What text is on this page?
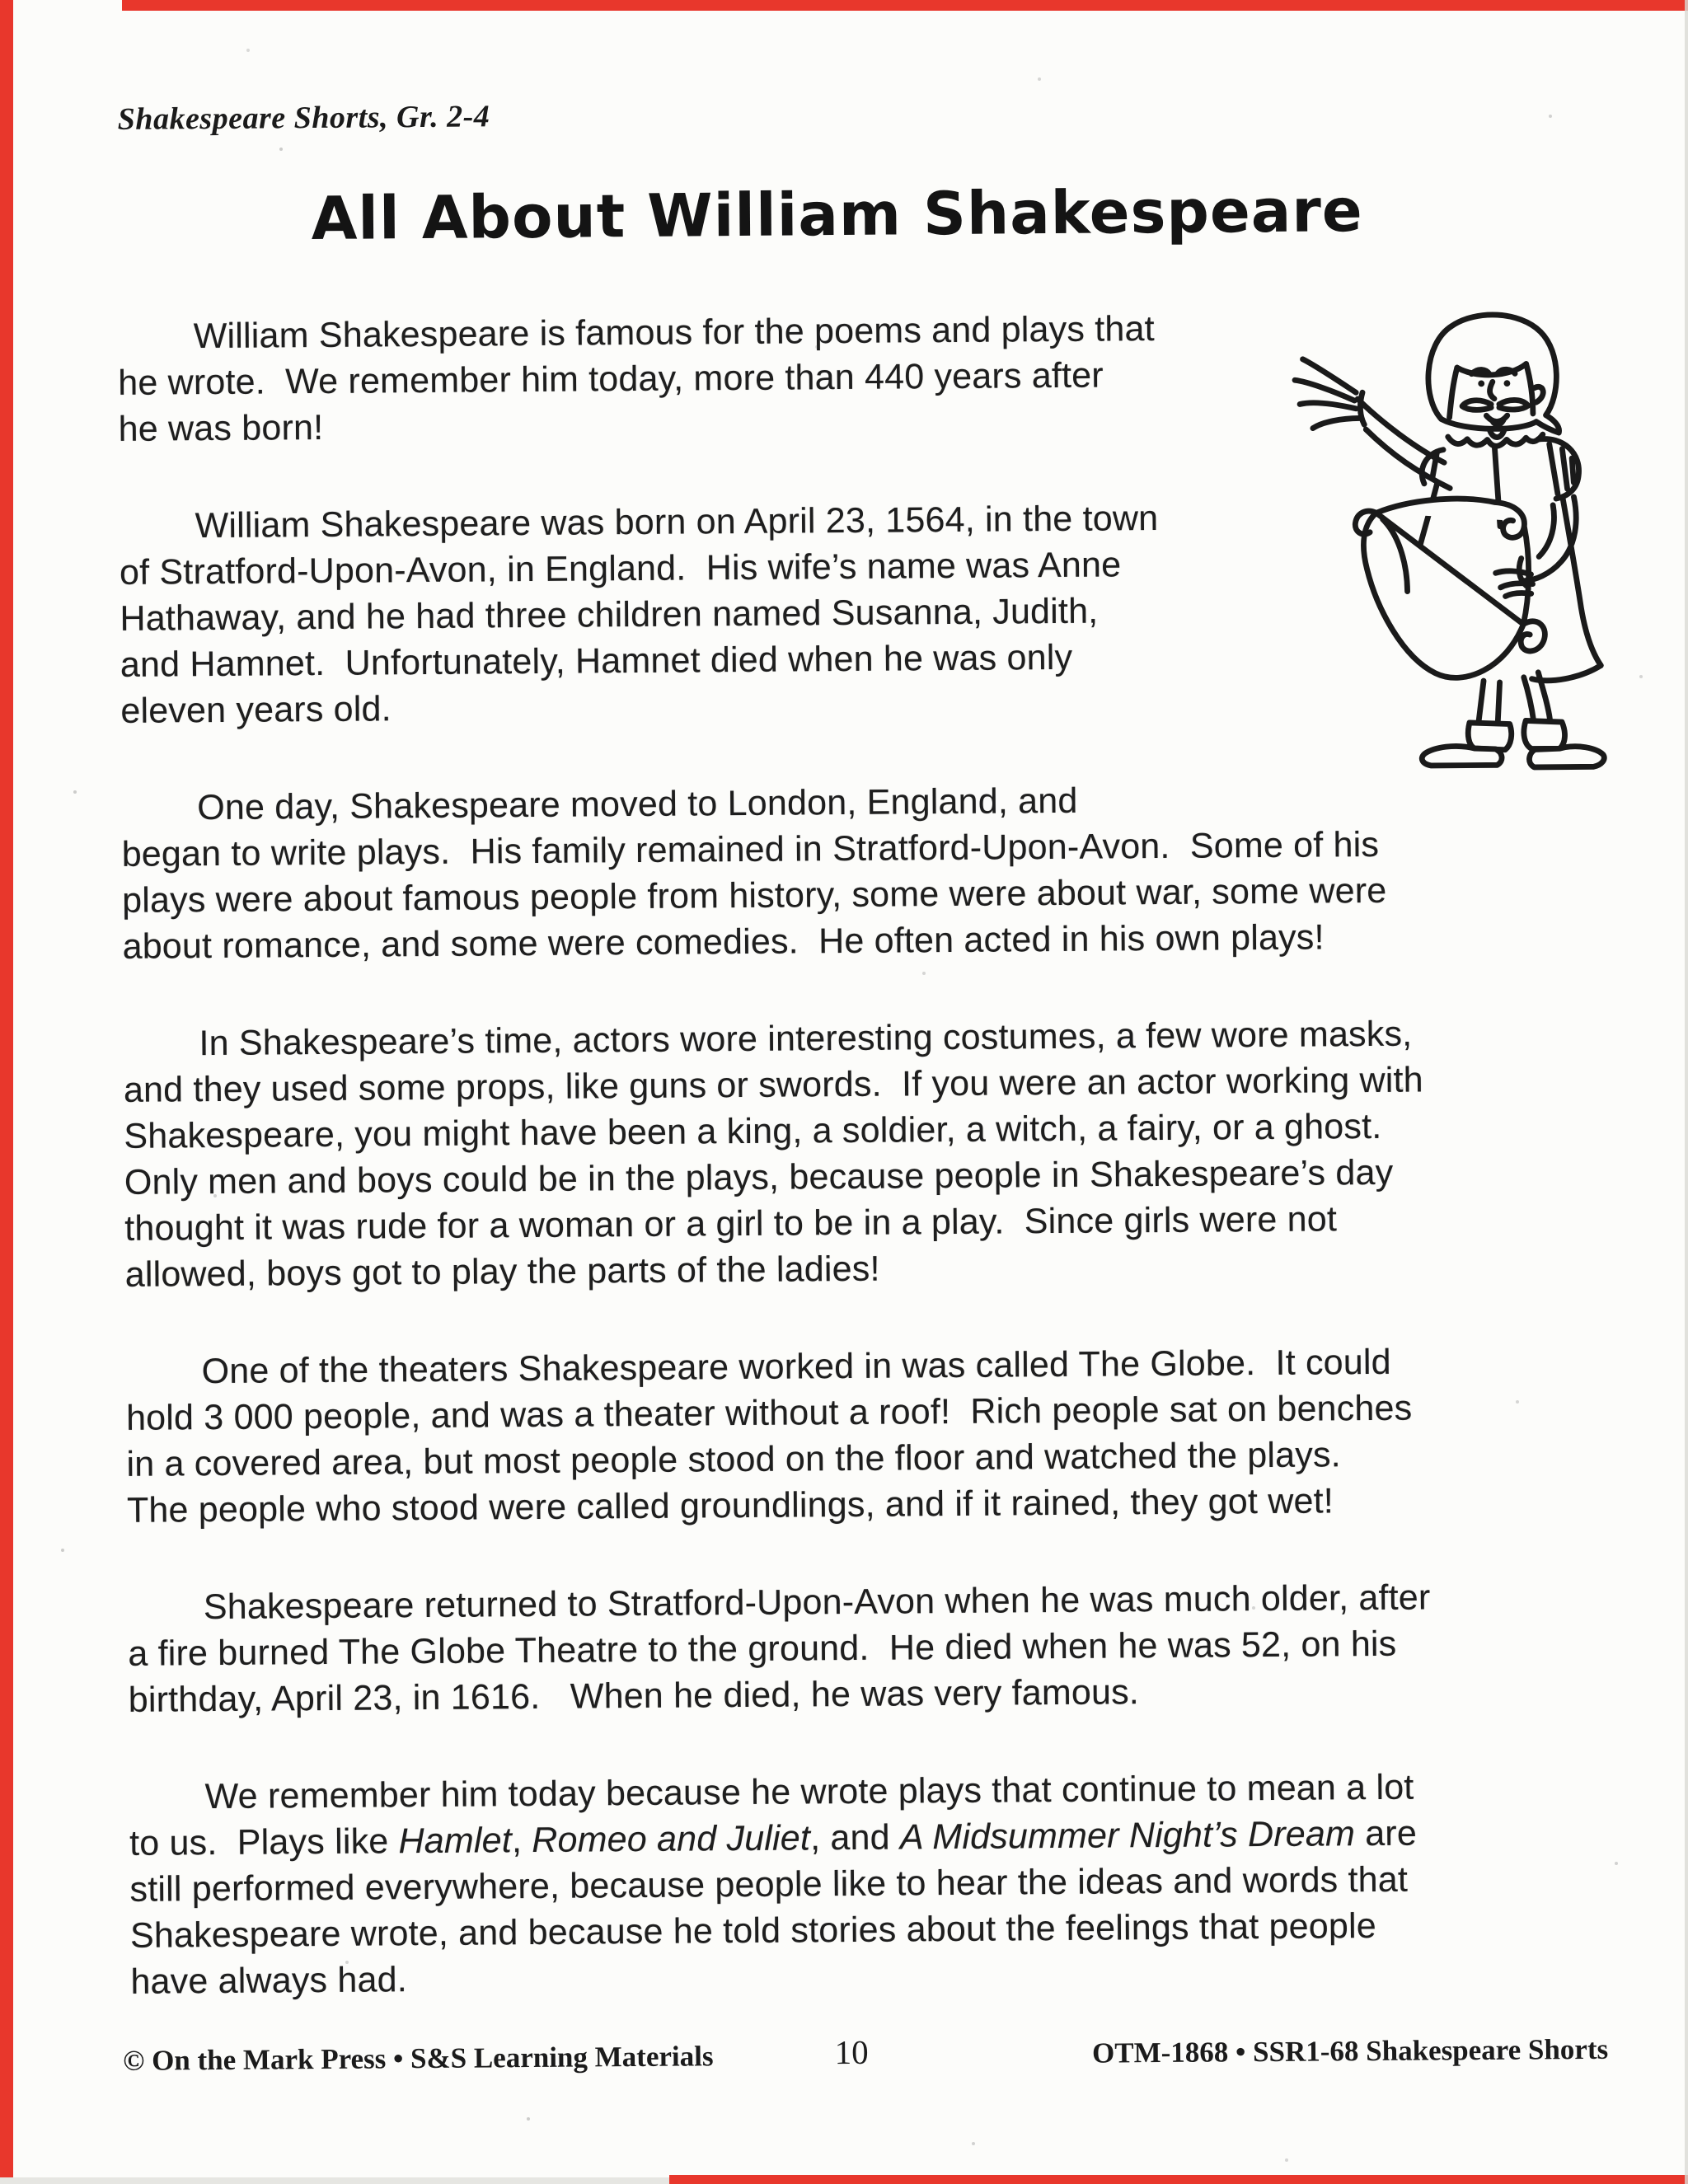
Shakespeare Shorts, Gr. 2-4
All About William Shakespeare
William Shakespeare is famous for the poems and plays that
he wrote.  We remember him today, more than 440 years after
he was born!
William Shakespeare was born on April 23, 1564, in the town
of Stratford-Upon-Avon, in England.  His wife’s name was Anne
Hathaway, and he had three children named Susanna, Judith,
and Hamnet.  Unfortunately, Hamnet died when he was only
eleven years old.
One day, Shakespeare moved to London, England, and
began to write plays.  His family remained in Stratford-Upon-Avon.  Some of his
plays were about famous people from history, some were about war, some were
about romance, and some were comedies.  He often acted in his own plays!
In Shakespeare’s time, actors wore interesting costumes, a few wore masks,
and they used some props, like guns or swords.  If you were an actor working with
Shakespeare, you might have been a king, a soldier, a witch, a fairy, or a ghost.
Only men and boys could be in the plays, because people in Shakespeare’s day
thought it was rude for a woman or a girl to be in a play.  Since girls were not
allowed, boys got to play the parts of the ladies!
One of the theaters Shakespeare worked in was called The Globe.  It could
hold 3 000 people, and was a theater without a roof!  Rich people sat on benches
in a covered area, but most people stood on the floor and watched the plays.
The people who stood were called groundlings, and if it rained, they got wet!
Shakespeare returned to Stratford-Upon-Avon when he was much older, after
a fire burned The Globe Theatre to the ground.  He died when he was 52, on his
birthday, April 23, in 1616.   When he died, he was very famous.
We remember him today because he wrote plays that continue to mean a lot
to us.  Plays like Hamlet, Romeo and Juliet, and A Midsummer Night’s Dream are
still performed everywhere, because people like to hear the ideas and words that
Shakespeare wrote, and because he told stories about the feelings that people
have always had.
© On the Mark Press • S&S Learning Materials	10	OTM-1868 • SSR1-68 Shakespeare Shorts
